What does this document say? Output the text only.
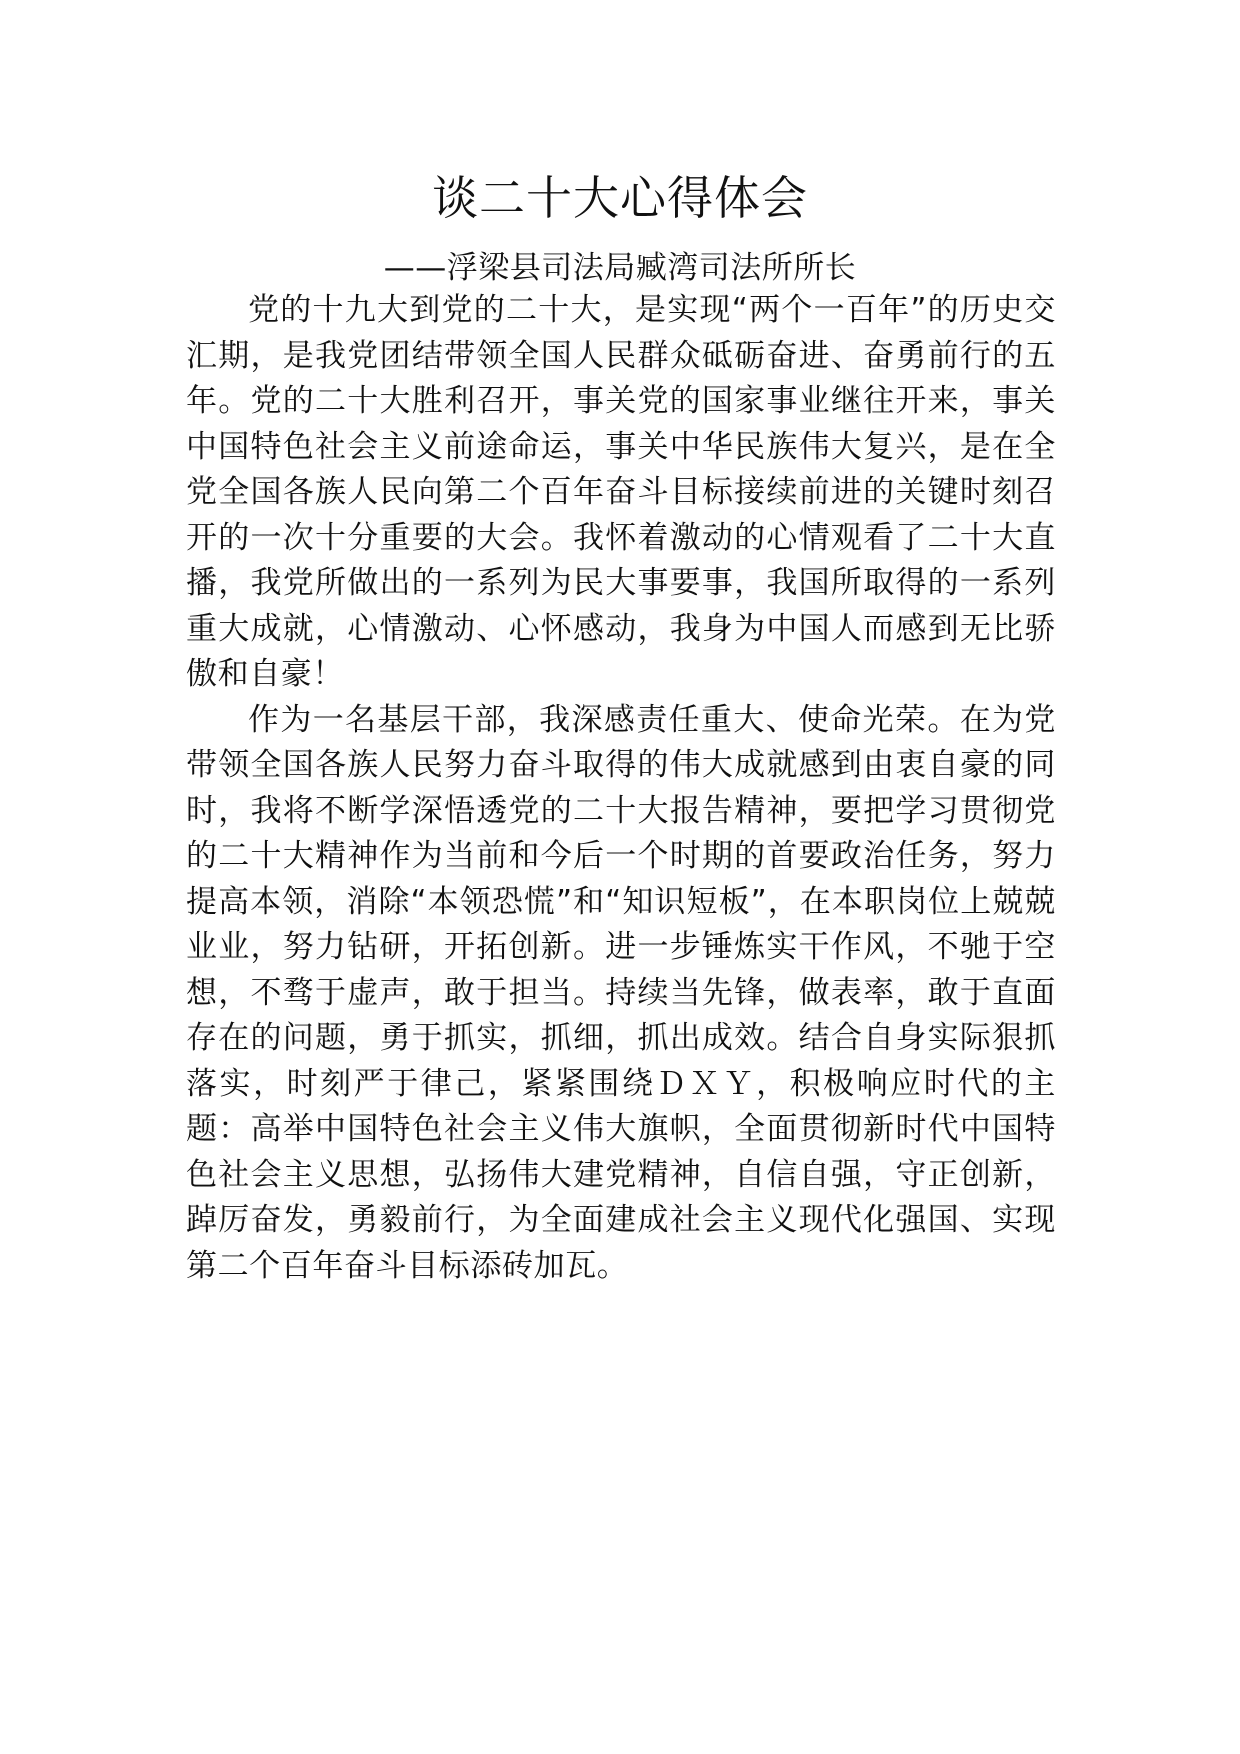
谈二十大心得体会
——浮梁县司法局臧湾司法所所长

党的十九大到党的二十大，是实现“两个一百年”的历史交汇期，是我党团结带领全国人民群众砥砺奋进、奋勇前行的五年。党的二十大胜利召开，事关党的国家事业继往开来，事关中国特色社会主义前途命运，事关中华民族伟大复兴，是在全党全国各族人民向第二个百年奋斗目标接续前进的关键时刻召开的一次十分重要的大会。我怀着激动的心情观看了二十大直播，我党所做出的一系列为民大事要事，我国所取得的一系列重大成就，心情激动、心怀感动，我身为中国人而感到无比骄傲和自豪！

作为一名基层干部，我深感责任重大、使命光荣。在为党带领全国各族人民努力奋斗取得的伟大成就感到由衷自豪的同时，我将不断学深悟透党的二十大报告精神，要把学习贯彻党的二十大精神作为当前和今后一个时期的首要政治任务，努力提高本领，消除“本领恐慌”和“知识短板”，在本职岗位上兢兢业业，努力钻研，开拓创新。进一步锤炼实干作风，不驰于空想，不骛于虚声，敢于担当。持续当先锋，做表率，敢于直面存在的问题，勇于抓实，抓细，抓出成效。结合自身实际狠抓落实，时刻严于律己，紧紧围绕ＤＸＹ，积极响应时代的主题：高举中国特色社会主义伟大旗帜，全面贯彻新时代中国特色社会主义思想，弘扬伟大建党精神，自信自强，守正创新，踔厉奋发，勇毅前行，为全面建成社会主义现代化强国、实现第二个百年奋斗目标添砖加瓦。
